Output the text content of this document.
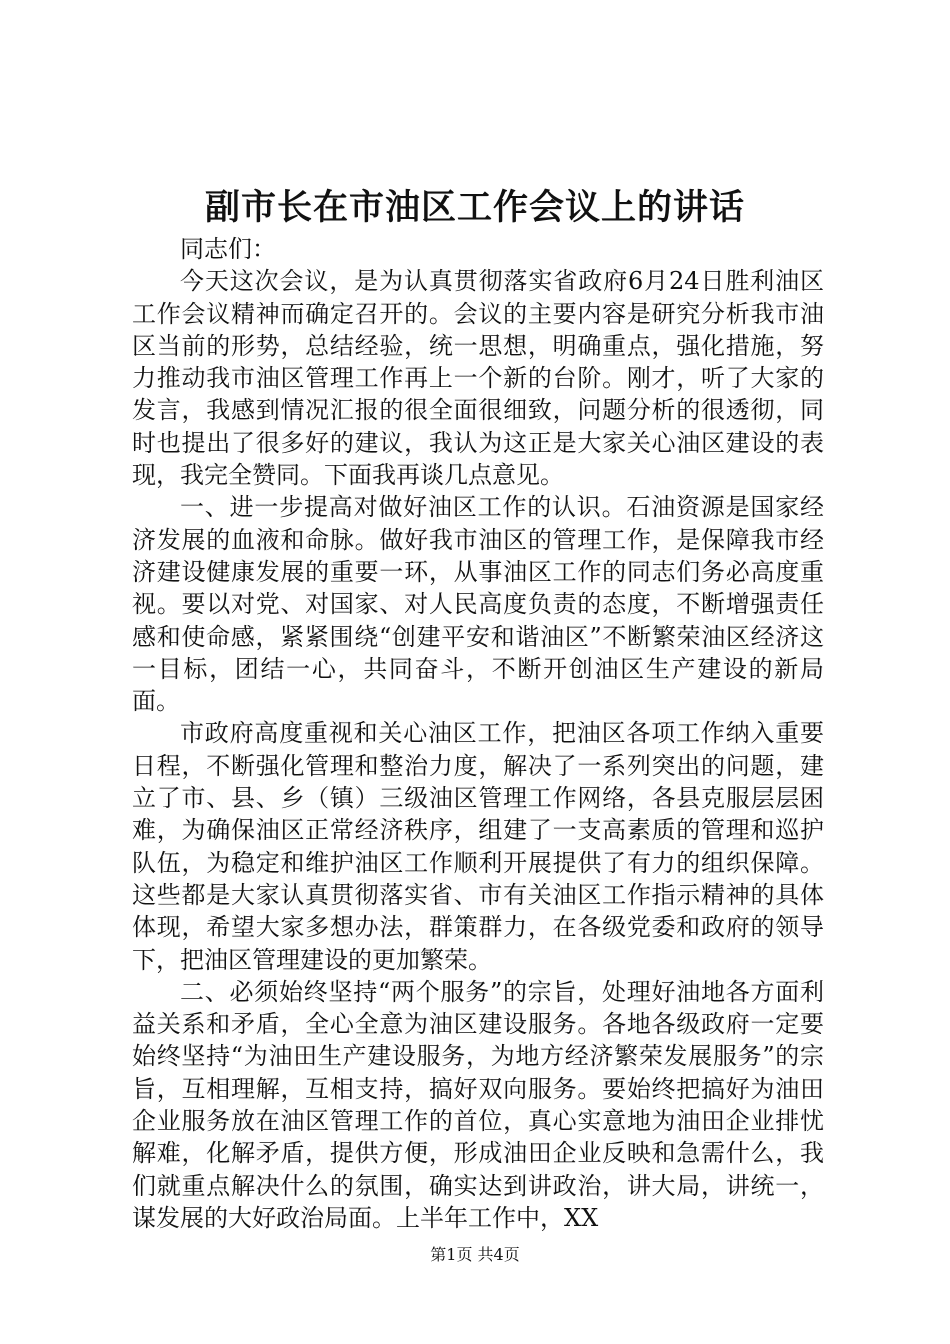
副市长在市油区工作会议上的讲话

同志们：

今天这次会议，是为认真贯彻落实省政府6月24日胜利油区工作会议精神而确定召开的。会议的主要内容是研究分析我市油区当前的形势，总结经验，统一思想，明确重点，强化措施，努力推动我市油区管理工作再上一个新的台阶。刚才，听了大家的发言，我感到情况汇报的很全面很细致，问题分析的很透彻，同时也提出了很多好的建议，我认为这正是大家关心油区建设的表现，我完全赞同。下面我再谈几点意见。

一、进一步提高对做好油区工作的认识。石油资源是国家经济发展的血液和命脉。做好我市油区的管理工作，是保障我市经济建设健康发展的重要一环，从事油区工作的同志们务必高度重视。要以对党、对国家、对人民高度负责的态度，不断增强责任感和使命感，紧紧围绕“创建平安和谐油区”不断繁荣油区经济这一目标，团结一心，共同奋斗，不断开创油区生产建设的新局面。

市政府高度重视和关心油区工作，把油区各项工作纳入重要日程，不断强化管理和整治力度，解决了一系列突出的问题，建立了市、县、乡（镇）三级油区管理工作网络，各县克服层层困难，为确保油区正常经济秩序，组建了一支高素质的管理和巡护队伍，为稳定和维护油区工作顺利开展提供了有力的组织保障。这些都是大家认真贯彻落实省、市有关油区工作指示精神的具体体现，希望大家多想办法，群策群力，在各级党委和政府的领导下，把油区管理建设的更加繁荣。

二、必须始终坚持“两个服务”的宗旨，处理好油地各方面利益关系和矛盾，全心全意为油区建设服务。各地各级政府一定要始终坚持“为油田生产建设服务，为地方经济繁荣发展服务”的宗旨，互相理解，互相支持，搞好双向服务。要始终把搞好为油田企业服务放在油区管理工作的首位，真心实意地为油田企业排忧解难，化解矛盾，提供方便，形成油田企业反映和急需什么，我们就重点解决什么的氛围，确实达到讲政治，讲大局，讲统一，谋发展的大好政治局面。上半年工作中，XX

第1页 共4页
